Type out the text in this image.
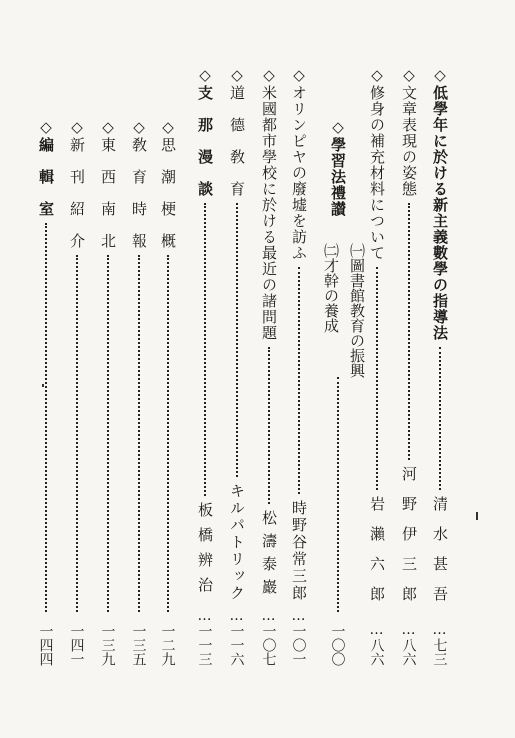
◇低學年に於ける新主義數學の指導法
清水甚吾
…七三
◇文章表現の姿態
河野伊三郎
…八六
◇修身の補充材料について
岩瀨六郎
…八六
◇學習法禮讃
一〇〇
㈠圖書館教育の振興
㈡才幹の養成
◇オリンピヤの廢墟を訪ふ
時野谷常三郎
…一〇一
◇米國都市學校に於ける最近の諸問題
松濤泰巖
…一〇七
◇道　德　敎　育
キルパトリック
…一一六
◇支　那　漫　談
板橋辨治
…一一三
◇思　潮　梗　概
一二九
◇敎　育　時　報
一三五
◇東　西　南　北
一三九
◇新　刊　紹　介
一四一
◇編　輯　室
一四四
